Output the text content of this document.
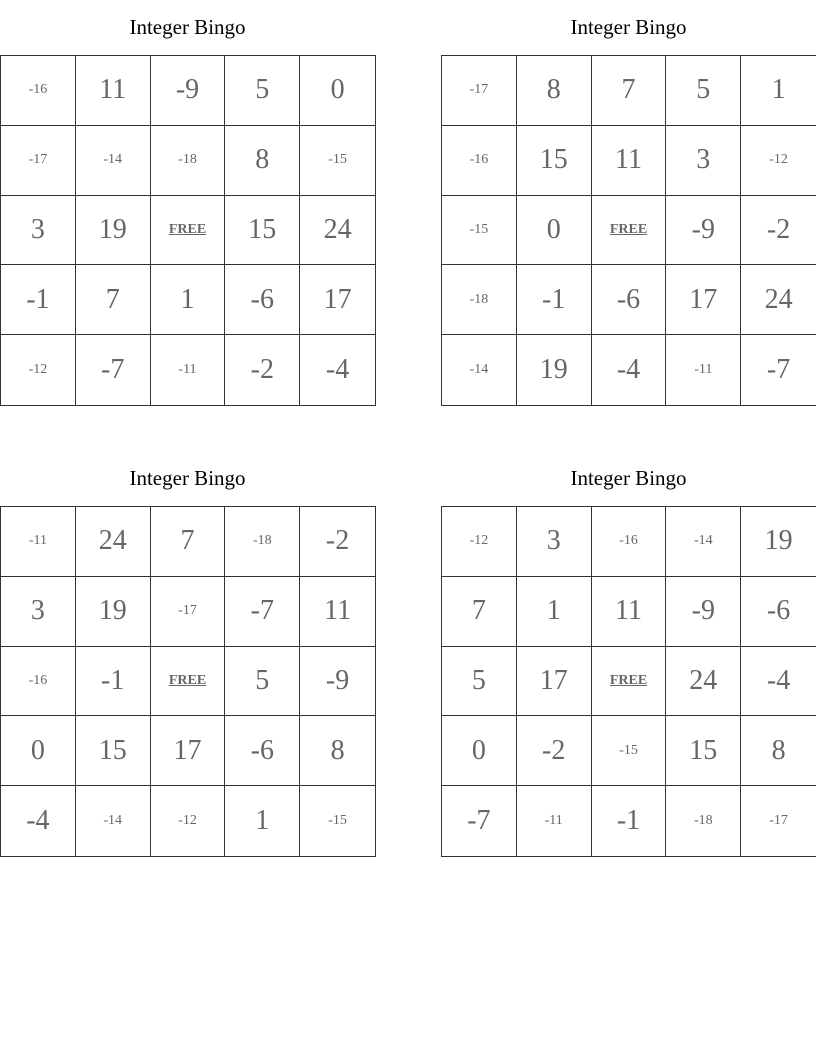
Integer Bingo
-16	11	-9	5	0
-17	-14	-18	8	-15
3	19	FREE	15	24
-1	7	1	-6	17
-12	-7	-11	-2	-4
Integer Bingo
-17	8	7	5	1
-16	15	11	3	-12
-15	0	FREE	-9	-2
-18	-1	-6	17	24
-14	19	-4	-11	-7
Integer Bingo
-11	24	7	-18	-2
3	19	-17	-7	11
-16	-1	FREE	5	-9
0	15	17	-6	8
-4	-14	-12	1	-15
Integer Bingo
-12	3	-16	-14	19
7	1	11	-9	-6
5	17	FREE	24	-4
0	-2	-15	15	8
-7	-11	-1	-18	-17
